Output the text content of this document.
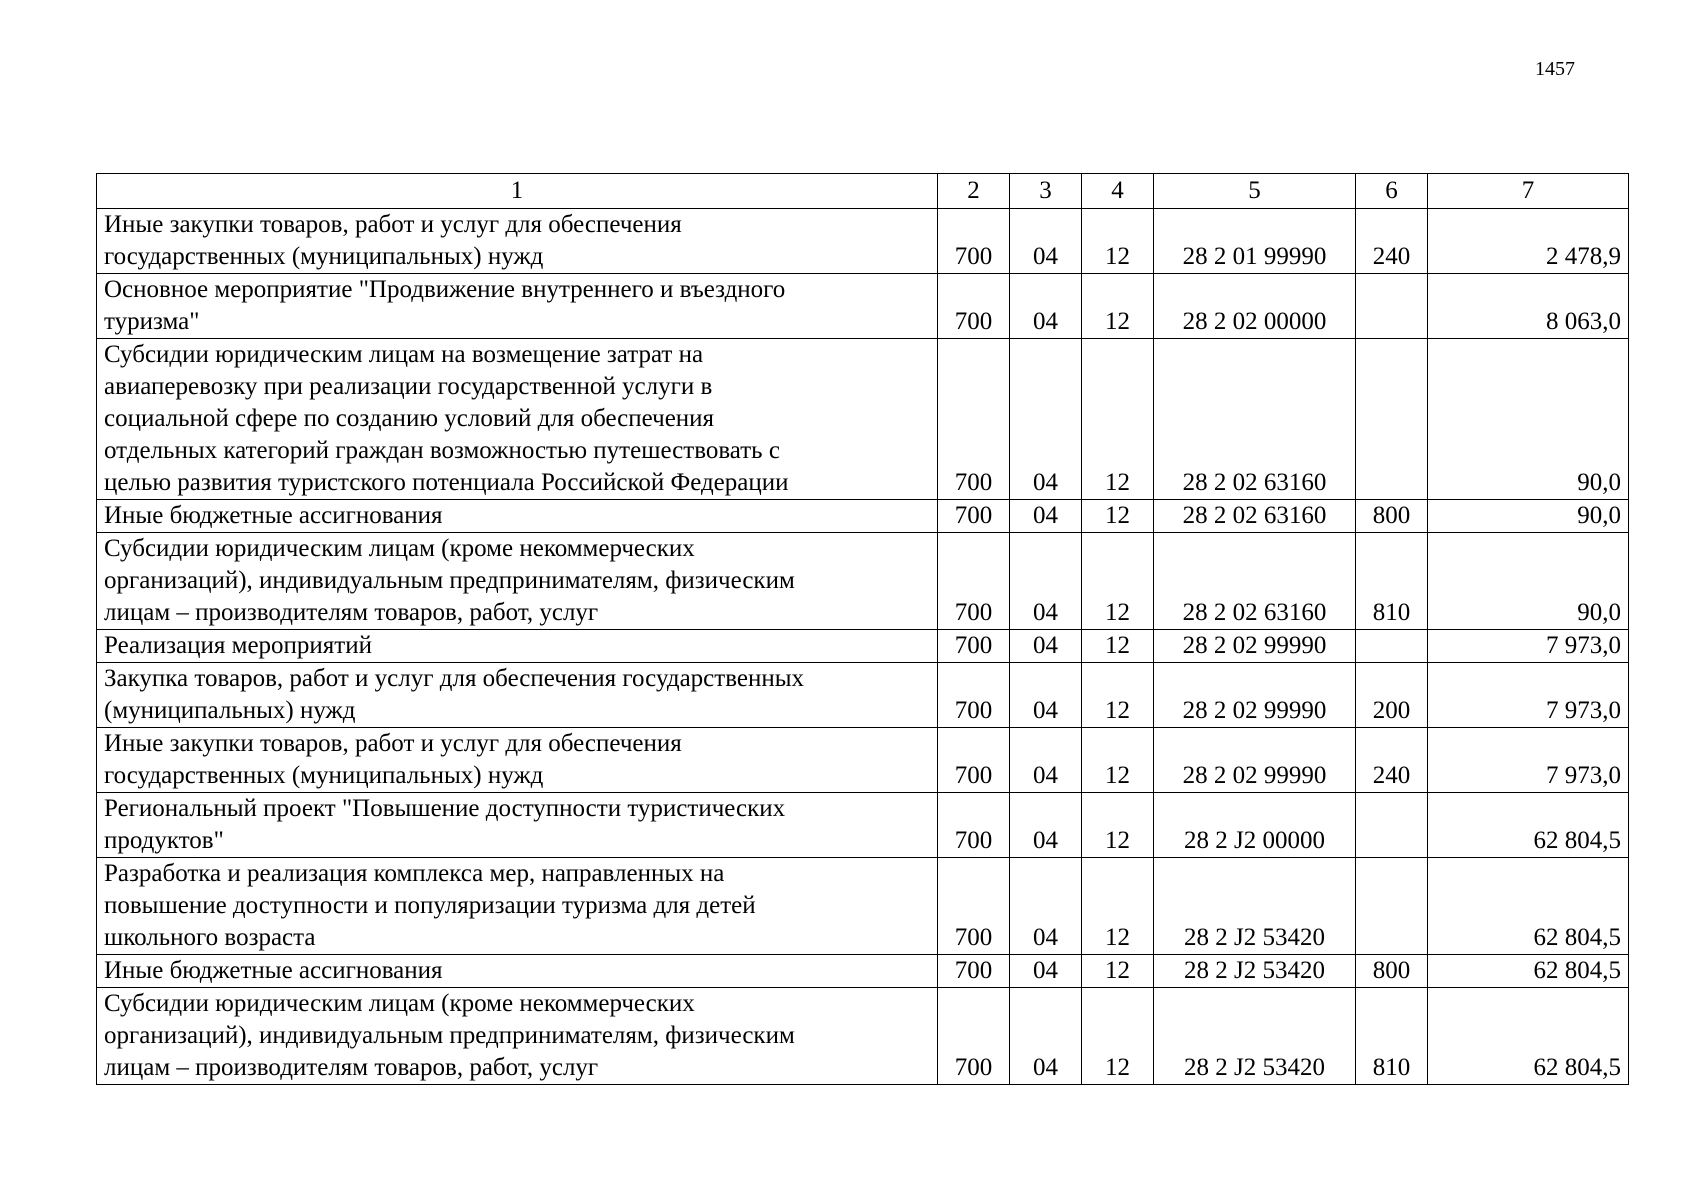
1457
1	2	3	4	5	6	7
Иные закупки товаров, работ и услуг для обеспечения
государственных (муниципальных) нужд	700	04	12	28 2 01 99990	240	2 478,9
Основное мероприятие "Продвижение внутреннего и въездного
туризма"	700	04	12	28 2 02 00000		8 063,0
Субсидии юридическим лицам на возмещение затрат на
авиаперевозку при реализации государственной услуги в
социальной сфере по созданию условий для обеспечения
отдельных категорий граждан возможностью путешествовать с
целью развития туристского потенциала Российской Федерации	700	04	12	28 2 02 63160		90,0
Иные бюджетные ассигнования	700	04	12	28 2 02 63160	800	90,0
Субсидии юридическим лицам (кроме некоммерческих
организаций), индивидуальным предпринимателям, физическим
лицам – производителям товаров, работ, услуг	700	04	12	28 2 02 63160	810	90,0
Реализация мероприятий	700	04	12	28 2 02 99990		7 973,0
Закупка товаров, работ и услуг для обеспечения государственных
(муниципальных) нужд	700	04	12	28 2 02 99990	200	7 973,0
Иные закупки товаров, работ и услуг для обеспечения
государственных (муниципальных) нужд	700	04	12	28 2 02 99990	240	7 973,0
Региональный проект "Повышение доступности туристических
продуктов"	700	04	12	28 2 J2 00000		62 804,5
Разработка и реализация комплекса мер, направленных на
повышение доступности и популяризации туризма для детей
школьного возраста	700	04	12	28 2 J2 53420		62 804,5
Иные бюджетные ассигнования	700	04	12	28 2 J2 53420	800	62 804,5
Субсидии юридическим лицам (кроме некоммерческих
организаций), индивидуальным предпринимателям, физическим
лицам – производителям товаров, работ, услуг	700	04	12	28 2 J2 53420	810	62 804,5
